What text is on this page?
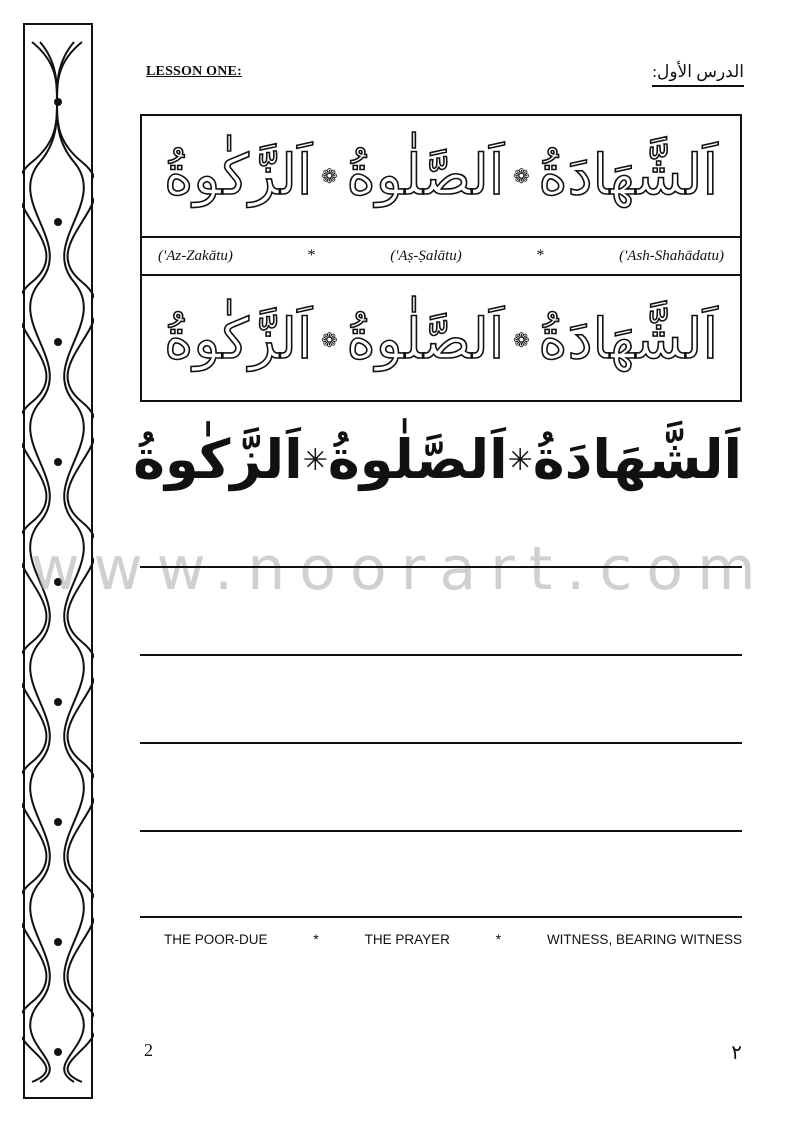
LESSON ONE:	الدرس الأول:
اَلشَّهَادَةُ
❁
اَلصَّلٰوةُ
❁
اَلزَّكٰوةُ
('Az-Zakātu)	*	('Aṣ-Ṣalātu)	*	('Ash-Shahādatu)
اَلشَّهَادَةُ
❁
اَلصَّلٰوةُ
❁
اَلزَّكٰوةُ
اَلشَّهَادَةُ
✳
اَلصَّلٰوةُ
✳
اَلزَّكٰوةُ
www.noorart.com
THE POOR-DUE	*	THE PRAYER	*	WITNESS, BEARING WITNESS
2	٢
